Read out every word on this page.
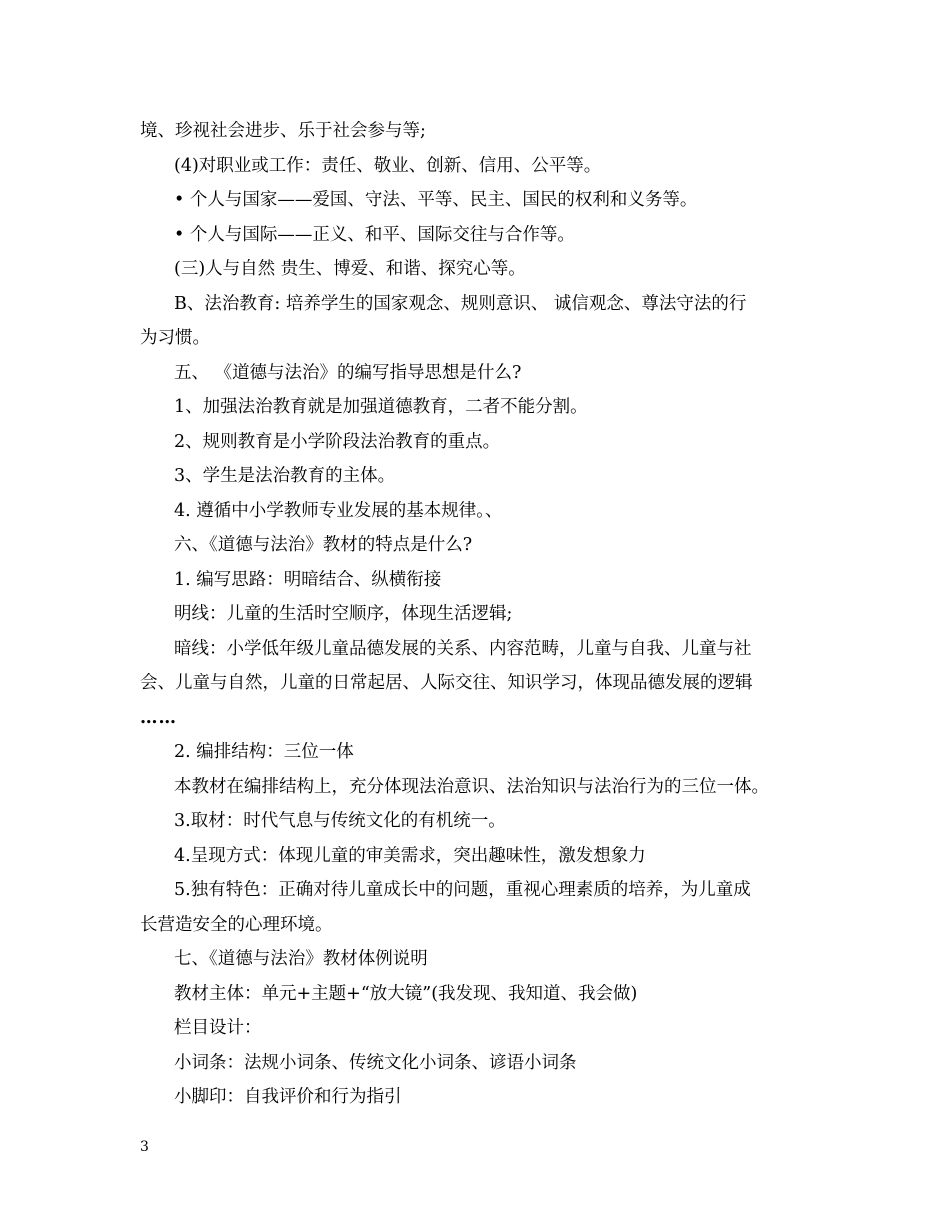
境、珍视社会进步、乐于社会参与等;
(4)对职业或工作：责任、敬业、创新、信用、公平等。
• 个人与国家——爱国、守法、平等、民主、国民的权利和义务等。
• 个人与国际——正义、和平、国际交往与合作等。
(三)人与自然 贵生、博爱、和谐、探究心等。
B、法治教育: 培养学生的国家观念、规则意识、 诚信观念、尊法守法的行
为习惯。
五、 《道德与法治》的编写指导思想是什么?
1、加强法治教育就是加强道德教育，二者不能分割。
2、规则教育是小学阶段法治教育的重点。
3、学生是法治教育的主体。
4. 遵循中小学教师专业发展的基本规律。、
六、《道德与法治》教材的特点是什么?
1. 编写思路：明暗结合、纵横衔接
明线：儿童的生活时空顺序，体现生活逻辑;
暗线：小学低年级儿童品德发展的关系、内容范畴，儿童与自我、儿童与社
会、儿童与自然，儿童的日常起居、人际交往、知识学习，体现品德发展的逻辑
……
2. 编排结构：三位一体
本教材在编排结构上，充分体现法治意识、法治知识与法治行为的三位一体。
3.取材：时代气息与传统文化的有机统一。
4.呈现方式：体现儿童的审美需求，突出趣味性，激发想象力
5.独有特色：正确对待儿童成长中的问题，重视心理素质的培养，为儿童成
长营造安全的心理环境。
七、《道德与法治》教材体例说明
教材主体：单元+主题+“放大镜”(我发现、我知道、我会做)
栏目设计：
小词条：法规小词条、传统文化小词条、谚语小词条
小脚印：自我评价和行为指引
3
